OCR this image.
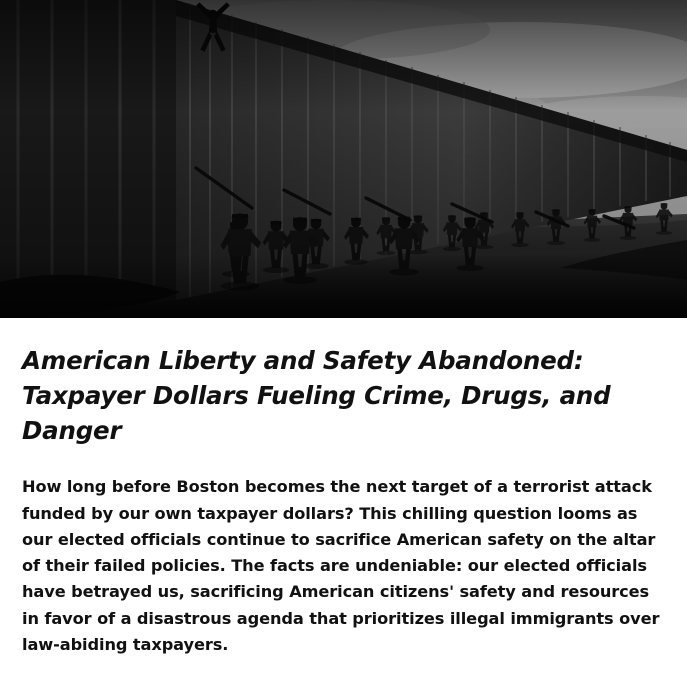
American Liberty and Safety Abandoned: Taxpayer Dollars Fueling Crime, Drugs, and Danger

How long before Boston becomes the next target of a terrorist attack funded by our own taxpayer dollars? This chilling question looms as our elected officials continue to sacrifice American safety on the altar of their failed policies. The facts are undeniable: our elected officials have betrayed us, sacrificing American citizens' safety and resources in favor of a disastrous agenda that prioritizes illegal immigrants over law-abiding taxpayers.
